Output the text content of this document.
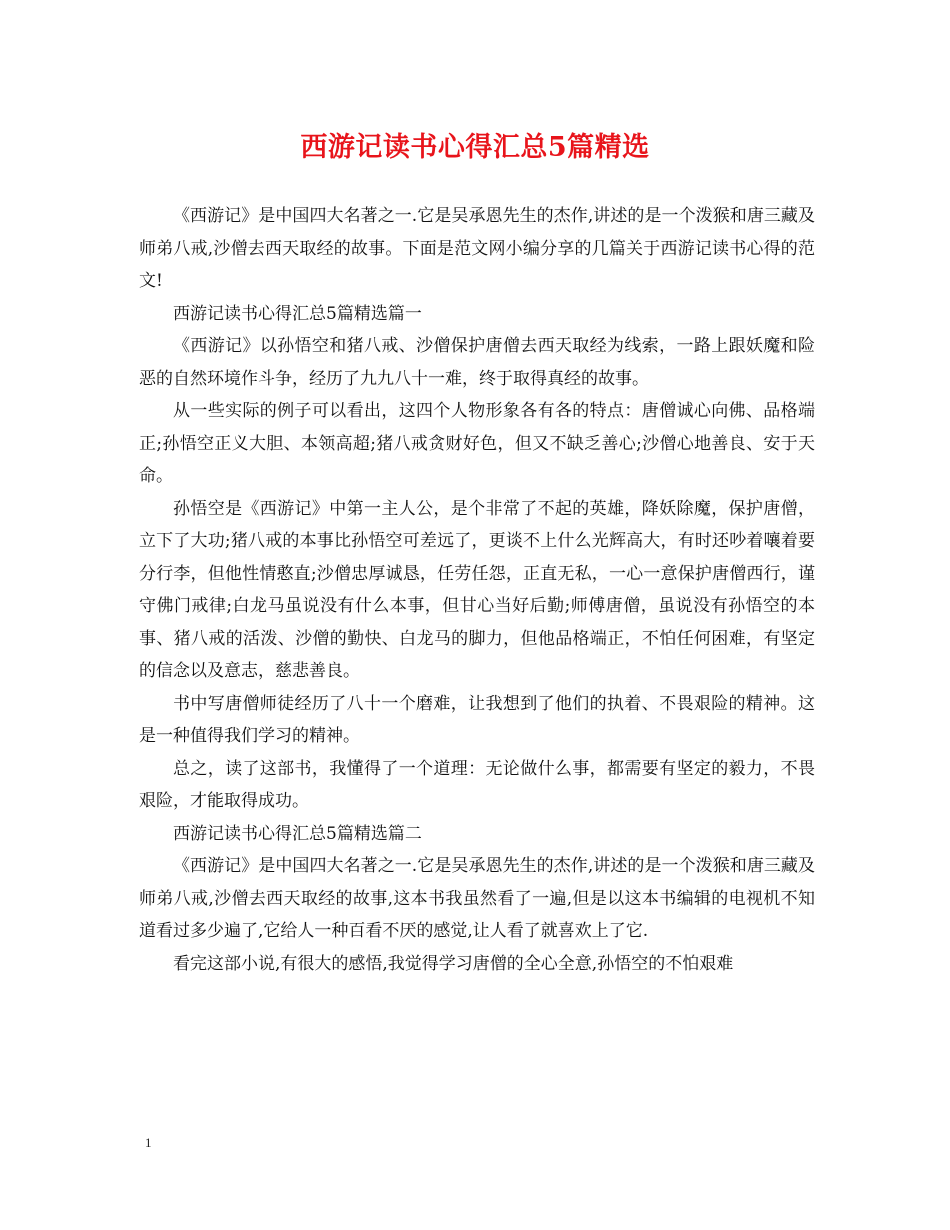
西游记读书心得汇总5篇精选

《西游记》是中国四大名著之一.它是吴承恩先生的杰作,讲述的是一个泼猴和唐三藏及师弟八戒,沙僧去西天取经的故事。下面是范文网小编分享的几篇关于西游记读书心得的范文!

西游记读书心得汇总5篇精选篇一

《西游记》以孙悟空和猪八戒、沙僧保护唐僧去西天取经为线索，一路上跟妖魔和险恶的自然环境作斗争，经历了九九八十一难，终于取得真经的故事。

从一些实际的例子可以看出，这四个人物形象各有各的特点：唐僧诚心向佛、品格端正;孙悟空正义大胆、本领高超;猪八戒贪财好色，但又不缺乏善心;沙僧心地善良、安于天命。

孙悟空是《西游记》中第一主人公，是个非常了不起的英雄，降妖除魔，保护唐僧，立下了大功;猪八戒的本事比孙悟空可差远了，更谈不上什么光辉高大，有时还吵着嚷着要分行李，但他性情憨直;沙僧忠厚诚恳，任劳任怨，正直无私，一心一意保护唐僧西行，谨守佛门戒律;白龙马虽说没有什么本事，但甘心当好后勤;师傅唐僧，虽说没有孙悟空的本事、猪八戒的活泼、沙僧的勤快、白龙马的脚力，但他品格端正，不怕任何困难，有坚定的信念以及意志，慈悲善良。

书中写唐僧师徒经历了八十一个磨难，让我想到了他们的执着、不畏艰险的精神。这是一种值得我们学习的精神。

总之，读了这部书，我懂得了一个道理：无论做什么事，都需要有坚定的毅力，不畏艰险，才能取得成功。

西游记读书心得汇总5篇精选篇二

《西游记》是中国四大名著之一.它是吴承恩先生的杰作,讲述的是一个泼猴和唐三藏及师弟八戒,沙僧去西天取经的故事,这本书我虽然看了一遍,但是以这本书编辑的电视机不知道看过多少遍了,它给人一种百看不厌的感觉,让人看了就喜欢上了它.

看完这部小说,有很大的感悟,我觉得学习唐僧的全心全意,孙悟空的不怕艰难

1
